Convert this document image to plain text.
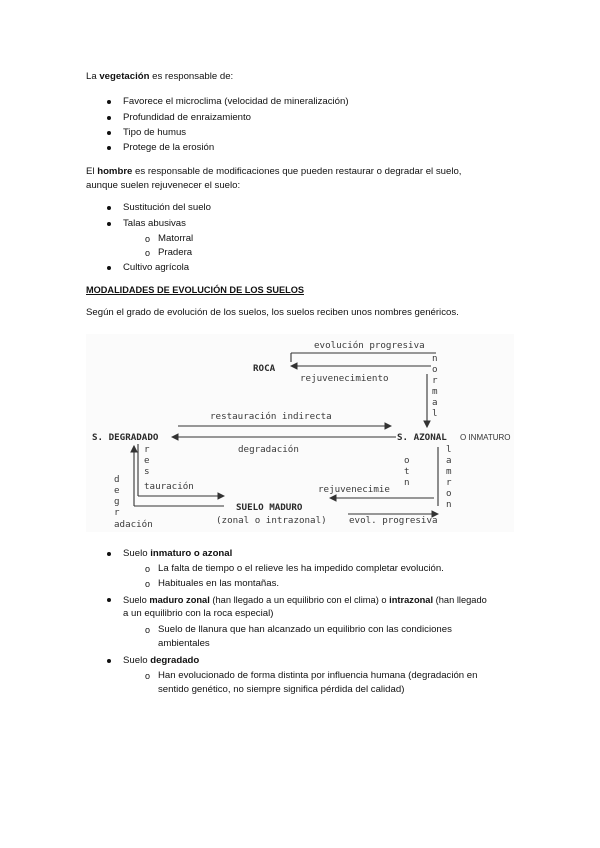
La vegetación es responsable de:
Favorece el microclima (velocidad de mineralización)
Profundidad de enraizamiento
Tipo de humus
Protege de la erosión
El hombre es responsable de modificaciones que pueden restaurar o degradar el suelo,
aunque suelen rejuvenecer el suelo:
Sustitución del suelo
Talas abusivas
o Matorral
o Pradera
Cultivo agrícola
MODALIDADES DE EVOLUCIÓN DE LOS SUELOS
Según el grado de evolución de los suelos, los suelos reciben unos nombres genéricos.
evolución progresiva
ROCA
rejuvenecimiento
n
o
r
m
a
l
restauración indirecta
S. DEGRADADO	S. AZONAL O INMATURO
degradación	l
a
m
r
o
n
o
t
n
rejuvenecimie
r
e
s
tauración
d
e
g
r
adación
SUELO MADURO
(zonal o intrazonal) evol. progresiva
Suelo inmaturo o azonal
o La falta de tiempo o el relieve les ha impedido completar evolución.
o Habituales en las montañas.
Suelo maduro zonal (han llegado a un equilibrio con el clima) o intrazonal (han llegado
a un equilibrio con la roca especial)
o Suelo de llanura que han alcanzado un equilibrio con las condiciones
ambientales
Suelo degradado
o Han evolucionado de forma distinta por influencia humana (degradación en
sentido genético, no siempre significa pérdida del calidad)
